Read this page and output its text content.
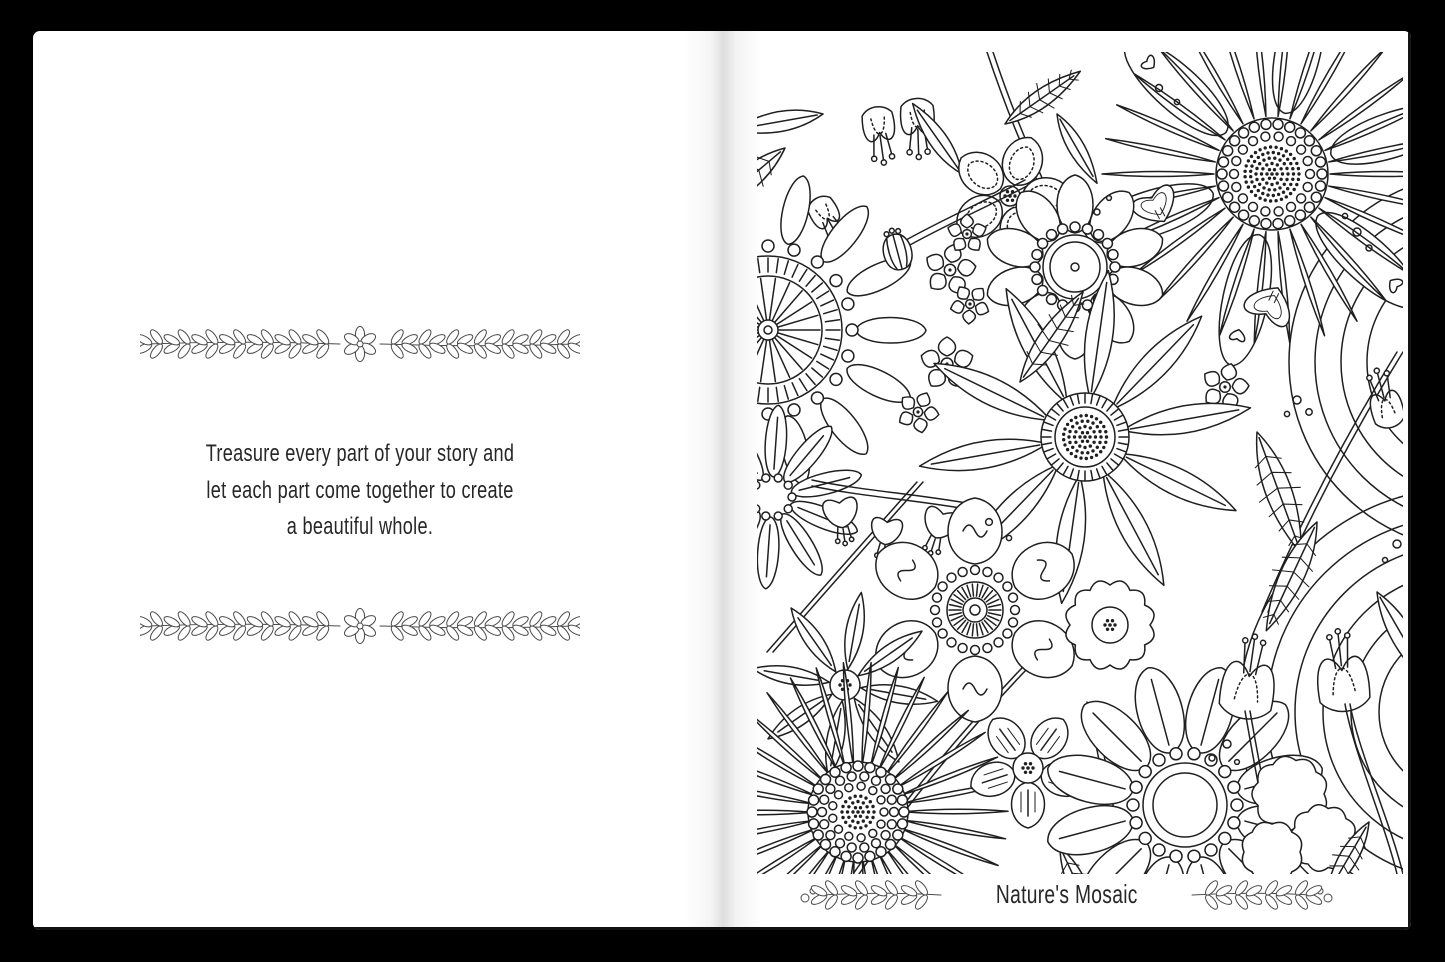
Treasure every part of your story and
let each part come together to create
a beautiful whole.
Nature's Mosaic
